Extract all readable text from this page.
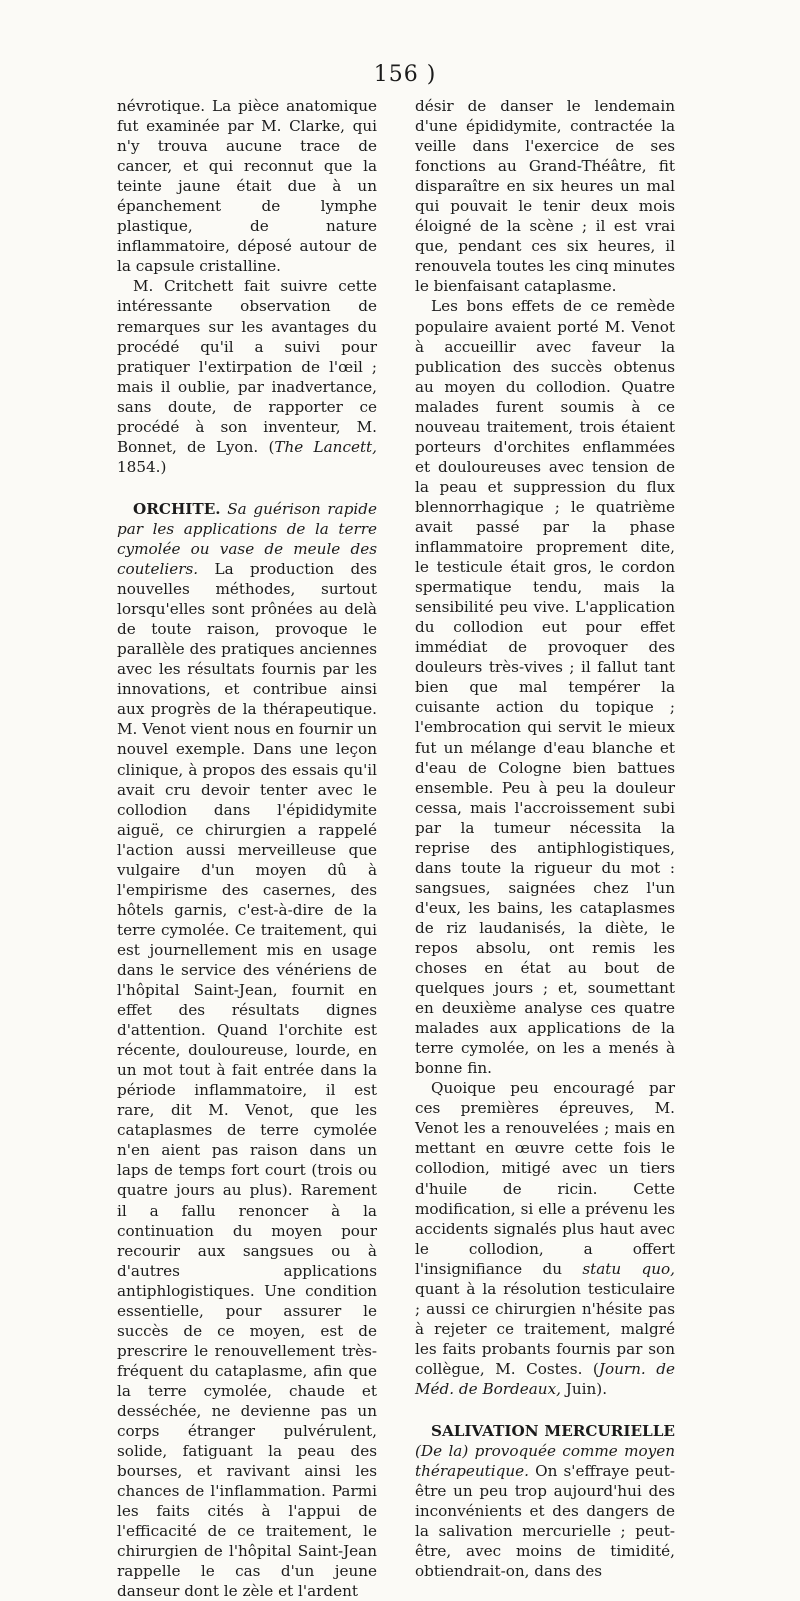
156 )

névrotique. La pièce anatomique fut examinée par M. Clarke, qui n'y trouva aucune trace de cancer, et qui reconnut que la teinte jaune était due à un épanchement de lymphe plastique, de nature inflammatoire, déposé autour de la capsule cristalline.

M. Critchett fait suivre cette intéressante observation de remarques sur les avantages du procédé qu'il a suivi pour pratiquer l'extirpation de l'œil ; mais il oublie, par inadvertance, sans doute, de rapporter ce procédé à son inventeur, M. Bonnet, de Lyon. (The Lancett, 1854.)

ORCHITE. Sa guérison rapide par les applications de la terre cymolée ou vase de meule des couteliers. La production des nouvelles méthodes, surtout lorsqu'elles sont prônées au delà de toute raison, provoque le parallèle des pratiques anciennes avec les résultats fournis par les innovations, et contribue ainsi aux progrès de la thérapeutique. M. Venot vient nous en fournir un nouvel exemple. Dans une leçon clinique, à propos des essais qu'il avait cru devoir tenter avec le collodion dans l'épididymite aiguë, ce chirurgien a rappelé l'action aussi merveilleuse que vulgaire d'un moyen dû à l'empirisme des casernes, des hôtels garnis, c'est-à-dire de la terre cymolée. Ce traitement, qui est journellement mis en usage dans le service des vénériens de l'hôpital Saint-Jean, fournit en effet des résultats dignes d'attention. Quand l'orchite est récente, douloureuse, lourde, en un mot tout à fait entrée dans la période inflammatoire, il est rare, dit M. Venot, que les cataplasmes de terre cymolée n'en aient pas raison dans un laps de temps fort court (trois ou quatre jours au plus). Rarement il a fallu renoncer à la continuation du moyen pour recourir aux sangsues ou à d'autres applications antiphlogistiques. Une condition essentielle, pour assurer le succès de ce moyen, est de prescrire le renouvellement très-fréquent du cataplasme, afin que la terre cymolée, chaude et desséchée, ne devienne pas un corps étranger pulvérulent, solide, fatiguant la peau des bourses, et ravivant ainsi les chances de l'inflammation. Parmi les faits cités à l'appui de l'efficacité de ce traitement, le chirurgien de l'hôpital Saint-Jean rappelle le cas d'un jeune danseur dont le zèle et l'ardent

désir de danser le lendemain d'une épididymite, contractée la veille dans l'exercice de ses fonctions au Grand-Théâtre, fit disparaître en six heures un mal qui pouvait le tenir deux mois éloigné de la scène ; il est vrai que, pendant ces six heures, il renouvela toutes les cinq minutes le bienfaisant cataplasme.

Les bons effets de ce remède populaire avaient porté M. Venot à accueillir avec faveur la publication des succès obtenus au moyen du collodion. Quatre malades furent soumis à ce nouveau traitement, trois étaient porteurs d'orchites enflammées et douloureuses avec tension de la peau et suppression du flux blennorrhagique ; le quatrième avait passé par la phase inflammatoire proprement dite, le testicule était gros, le cordon spermatique tendu, mais la sensibilité peu vive. L'application du collodion eut pour effet immédiat de provoquer des douleurs très-vives ; il fallut tant bien que mal tempérer la cuisante action du topique ; l'embrocation qui servit le mieux fut un mélange d'eau blanche et d'eau de Cologne bien battues ensemble. Peu à peu la douleur cessa, mais l'accroissement subi par la tumeur nécessita la reprise des antiphlogistiques, dans toute la rigueur du mot : sangsues, saignées chez l'un d'eux, les bains, les cataplasmes de riz laudanisés, la diète, le repos absolu, ont remis les choses en état au bout de quelques jours ; et, soumettant en deuxième analyse ces quatre malades aux applications de la terre cymolée, on les a menés à bonne fin.

Quoique peu encouragé par ces premières épreuves, M. Venot les a renouvelées ; mais en mettant en œuvre cette fois le collodion, mitigé avec un tiers d'huile de ricin. Cette modification, si elle a prévenu les accidents signalés plus haut avec le collodion, a offert l'insignifiance du statu quo, quant à la résolution testiculaire ; aussi ce chirurgien n'hésite pas à rejeter ce traitement, malgré les faits probants fournis par son collègue, M. Costes. (Journ. de Méd. de Bordeaux, Juin).

SALIVATION MERCURIELLE (De la) provoquée comme moyen thérapeutique. On s'effraye peut-être un peu trop aujourd'hui des inconvénients et des dangers de la salivation mercurielle ; peut-être, avec moins de timidité, obtiendrait-on, dans des
